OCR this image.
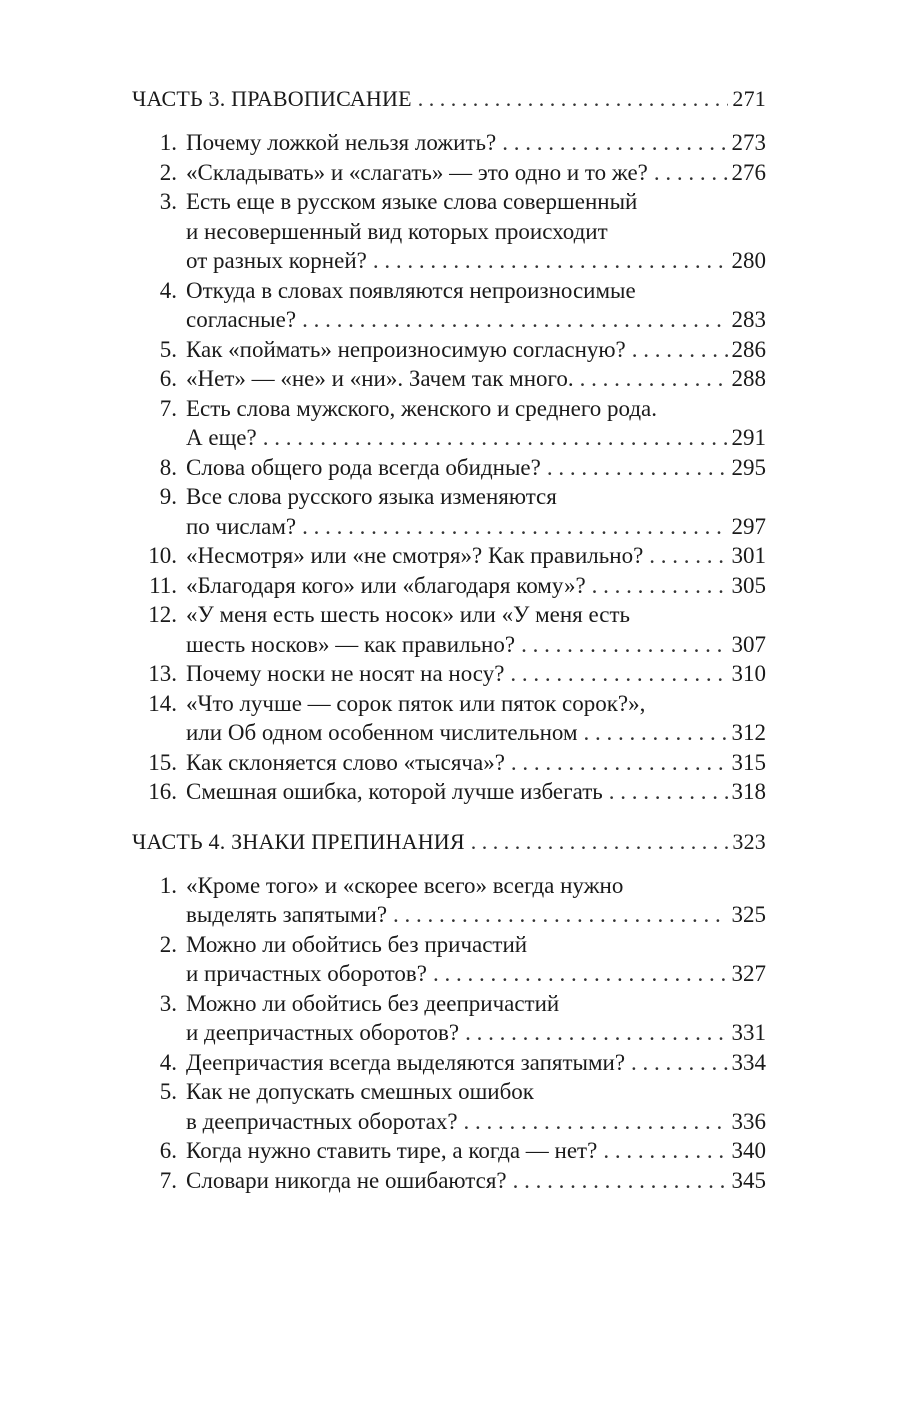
ЧАСТЬ 3. ПРАВОПИСАНИЕ . . .	271
1. Почему ложкой нельзя ложить? . . .	273
2. «Складывать» и «слагать» — это одно и то же? . . .	276
3. Есть еще в русском языке слова совершенный
и несовершенный вид которых происходит
от разных корней? . . .	280
4. Откуда в словах появляются непроизносимые
согласные? . . .	283
5. Как «поймать» непроизносимую согласную? . . .	286
6. «Нет» — «не» и «ни». Зачем так много. . . .	288
7. Есть слова мужского, женского и среднего рода.
А еще? . . .	291
8. Слова общего рода всегда обидные? . . .	295
9. Все слова русского языка изменяются
по числам? . . .	297
10. «Несмотря» или «не смотря»? Как правильно? . . .	301
11. «Благодаря кого» или «благодаря кому»? . . .	305
12. «У меня есть шесть носок» или «У меня есть
шесть носков» — как правильно? . . .	307
13. Почему носки не носят на носу? . . .	310
14. «Что лучше — сорок пяток или пяток сорок?»,
или Об одном особенном числительном . . .	312
15. Как склоняется слово «тысяча»? . . .	315
16. Смешная ошибка, которой лучше избегать . . .	318
ЧАСТЬ 4. ЗНАКИ ПРЕПИНАНИЯ . . .	323
1. «Кроме того» и «скорее всего» всегда нужно
выделять запятыми? . . .	325
2. Можно ли обойтись без причастий
и причастных оборотов? . . .	327
3. Можно ли обойтись без деепричастий
и деепричастных оборотов? . . .	331
4. Деепричастия всегда выделяются запятыми? . . .	334
5. Как не допускать смешных ошибок
в деепричастных оборотах? . . .	336
6. Когда нужно ставить тире, а когда — нет? . . .	340
7. Словари никогда не ошибаются? . . .	345
